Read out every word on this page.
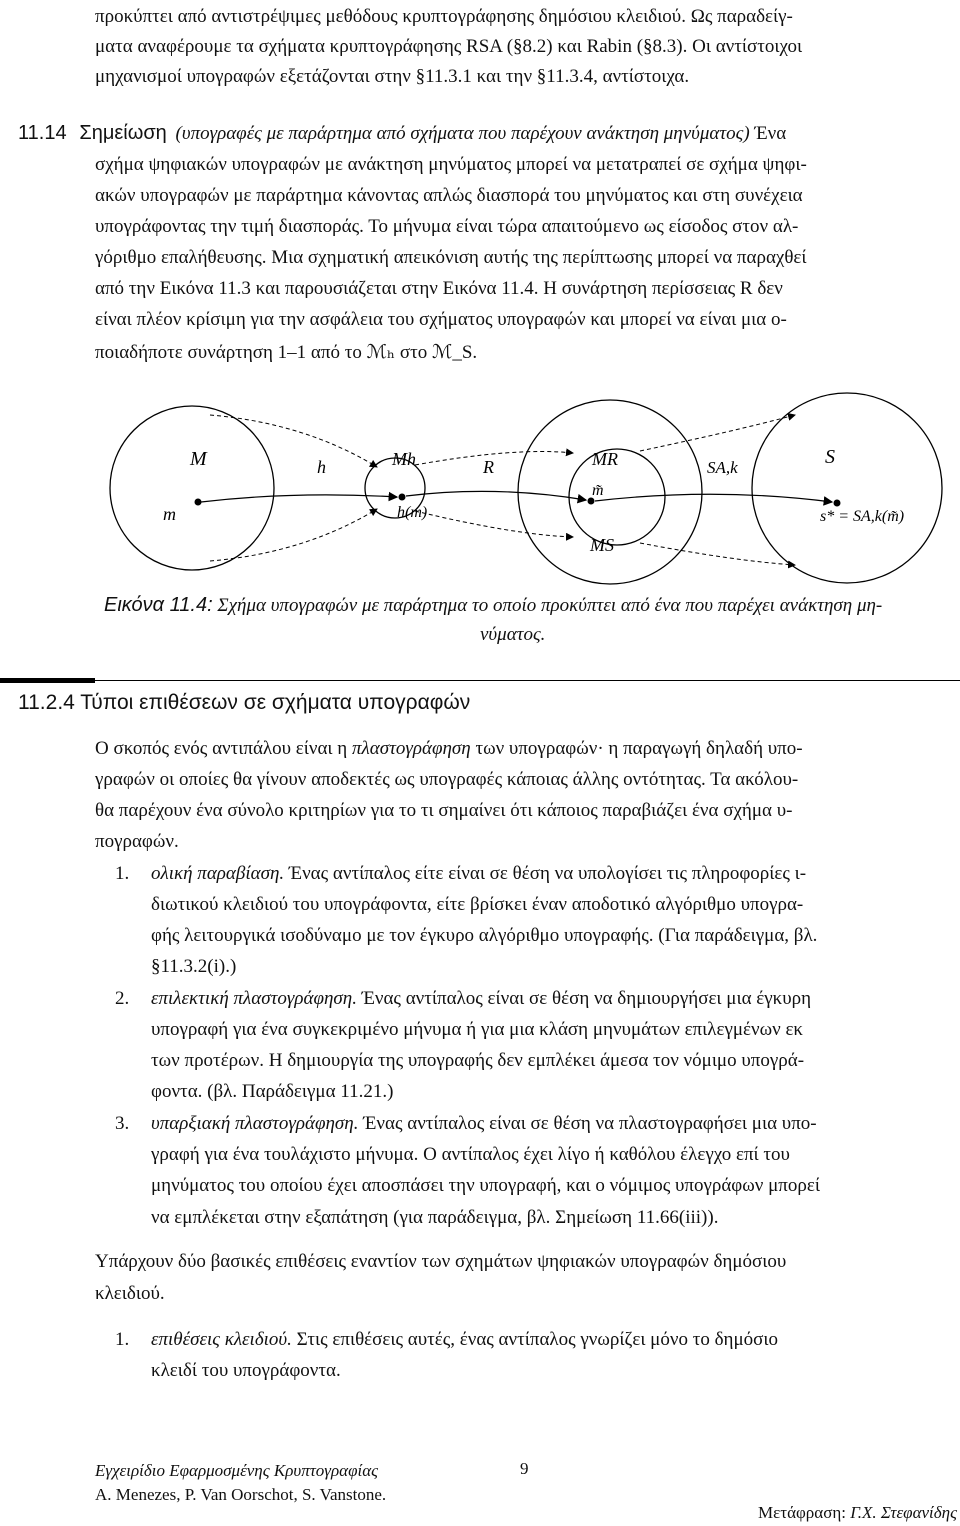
προκύπτει από αντιστρέψιμες μεθόδους κρυπτογράφησης δημόσιου κλειδιού. Ως παραδείγ-
ματα αναφέρουμε τα σχήματα κρυπτογράφησης RSA (§8.2) και Rabin (§8.3). Οι αντίστοιχοι
μηχανισμοί υπογραφών εξετάζονται στην §11.3.1 και την §11.3.4, αντίστοιχα.
11.14 Σημείωση (υπογραφές με παράρτημα από σχήματα που παρέχουν ανάκτηση μηνύματος) Ένα
σχήμα ψηφιακών υπογραφών με ανάκτηση μηνύματος μπορεί να μετατραπεί σε σχήμα ψηφι-
ακών υπογραφών με παράρτημα κάνοντας απλώς διασπορά του μηνύματος και στη συνέχεια
υπογράφοντας την τιμή διασποράς. Το μήνυμα είναι τώρα απαιτούμενο ως είσοδος στον αλ-
γόριθμο επαλήθευσης. Μια σχηματική απεικόνιση αυτής της περίπτωσης μπορεί να παραχθεί
από την Εικόνα 11.3 και παρουσιάζεται στην Εικόνα 11.4. Η συνάρτηση περίσσειας R δεν
είναι πλέον κρίσιμη για την ασφάλεια του σχήματος υπογραφών και μπορεί να είναι μια ο-
ποιαδήποτε συνάρτηση 1–1 από το ℳₕ στο ℳ_S.
M
m
h	Mh	R	MR
m̃
h(m)
SA,k	S
s* = SA,k(m̃)
MS
Εικόνα 11.4: Σχήμα υπογραφών με παράρτημα το οποίο προκύπτει από ένα που παρέχει ανάκτηση μη-
νύματος.
11.2.4 Τύποι επιθέσεων σε σχήματα υπογραφών
Ο σκοπός ενός αντιπάλου είναι η πλαστογράφηση των υπογραφών· η παραγωγή δηλαδή υπο-
γραφών οι οποίες θα γίνουν αποδεκτές ως υπογραφές κάποιας άλλης οντότητας. Τα ακόλου-
θα παρέχουν ένα σύνολο κριτηρίων για το τι σημαίνει ότι κάποιος παραβιάζει ένα σχήμα υ-
πογραφών.
1. ολική παραβίαση. Ένας αντίπαλος είτε είναι σε θέση να υπολογίσει τις πληροφορίες ι-
διωτικού κλειδιού του υπογράφοντα, είτε βρίσκει έναν αποδοτικό αλγόριθμο υπογρα-
φής λειτουργικά ισοδύναμο με τον έγκυρο αλγόριθμο υπογραφής. (Για παράδειγμα, βλ.
§11.3.2(i).)
2. επιλεκτική πλαστογράφηση. Ένας αντίπαλος είναι σε θέση να δημιουργήσει μια έγκυρη
υπογραφή για ένα συγκεκριμένο μήνυμα ή για μια κλάση μηνυμάτων επιλεγμένων εκ
των προτέρων. Η δημιουργία της υπογραφής δεν εμπλέκει άμεσα τον νόμιμο υπογρά-
φοντα. (βλ. Παράδειγμα 11.21.)
3. υπαρξιακή πλαστογράφηση. Ένας αντίπαλος είναι σε θέση να πλαστογραφήσει μια υπο-
γραφή για ένα τουλάχιστο μήνυμα. Ο αντίπαλος έχει λίγο ή καθόλου έλεγχο επί του
μηνύματος του οποίου έχει αποσπάσει την υπογραφή, και ο νόμιμος υπογράφων μπορεί
να εμπλέκεται στην εξαπάτηση (για παράδειγμα, βλ. Σημείωση 11.66(iii)).
Υπάρχουν δύο βασικές επιθέσεις εναντίον των σχημάτων ψηφιακών υπογραφών δημόσιου
κλειδιού.
1. επιθέσεις κλειδιού. Στις επιθέσεις αυτές, ένας αντίπαλος γνωρίζει μόνο το δημόσιο
κλειδί του υπογράφοντα.
Εγχειρίδιο Εφαρμοσμένης Κρυπτογραφίας	9
A. Menezes, P. Van Oorschot, S. Vanstone.
Μετάφραση: Γ.Χ. Στεφανίδης
